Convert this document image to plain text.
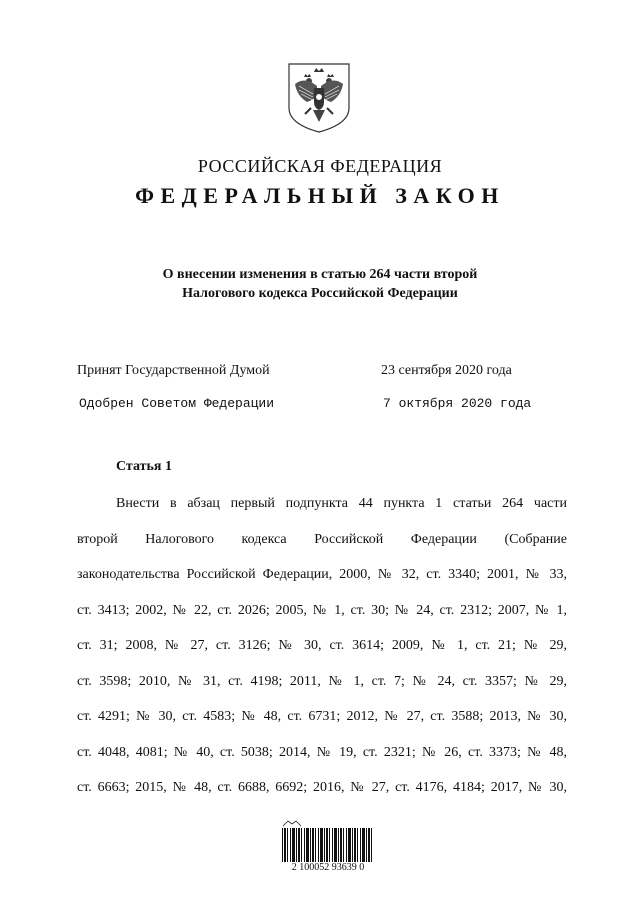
РОССИЙСКАЯ ФЕДЕРАЦИЯ
ФЕДЕРАЛЬНЫЙ ЗАКОН
О внесении изменения в статью 264 части второй
Налогового кодекса Российской Федерации
Принят Государственной Думой	23 сентября 2020 года
Одобрен Советом Федерации	7 октября 2020 года
Статья 1
Внести в абзац первый подпункта 44 пункта 1 статьи 264 части
второй Налогового кодекса Российской Федерации (Собрание
законодательства Российской Федерации, 2000, № 32, ст. 3340; 2001, № 33,
ст. 3413; 2002, № 22, ст. 2026; 2005, № 1, ст. 30; № 24, ст. 2312; 2007, № 1,
ст. 31; 2008, № 27, ст. 3126; № 30, ст. 3614; 2009, № 1, ст. 21; № 29,
ст. 3598; 2010, № 31, ст. 4198; 2011, № 1, ст. 7; № 24, ст. 3357; № 29,
ст. 4291; № 30, ст. 4583; № 48, ст. 6731; 2012, № 27, ст. 3588; 2013, № 30,
ст. 4048, 4081; № 40, ст. 5038; 2014, № 19, ст. 2321; № 26, ст. 3373; № 48,
ст. 6663; 2015, № 48, ст. 6688, 6692; 2016, № 27, ст. 4176, 4184; 2017, № 30,
2 100052 93639 0
